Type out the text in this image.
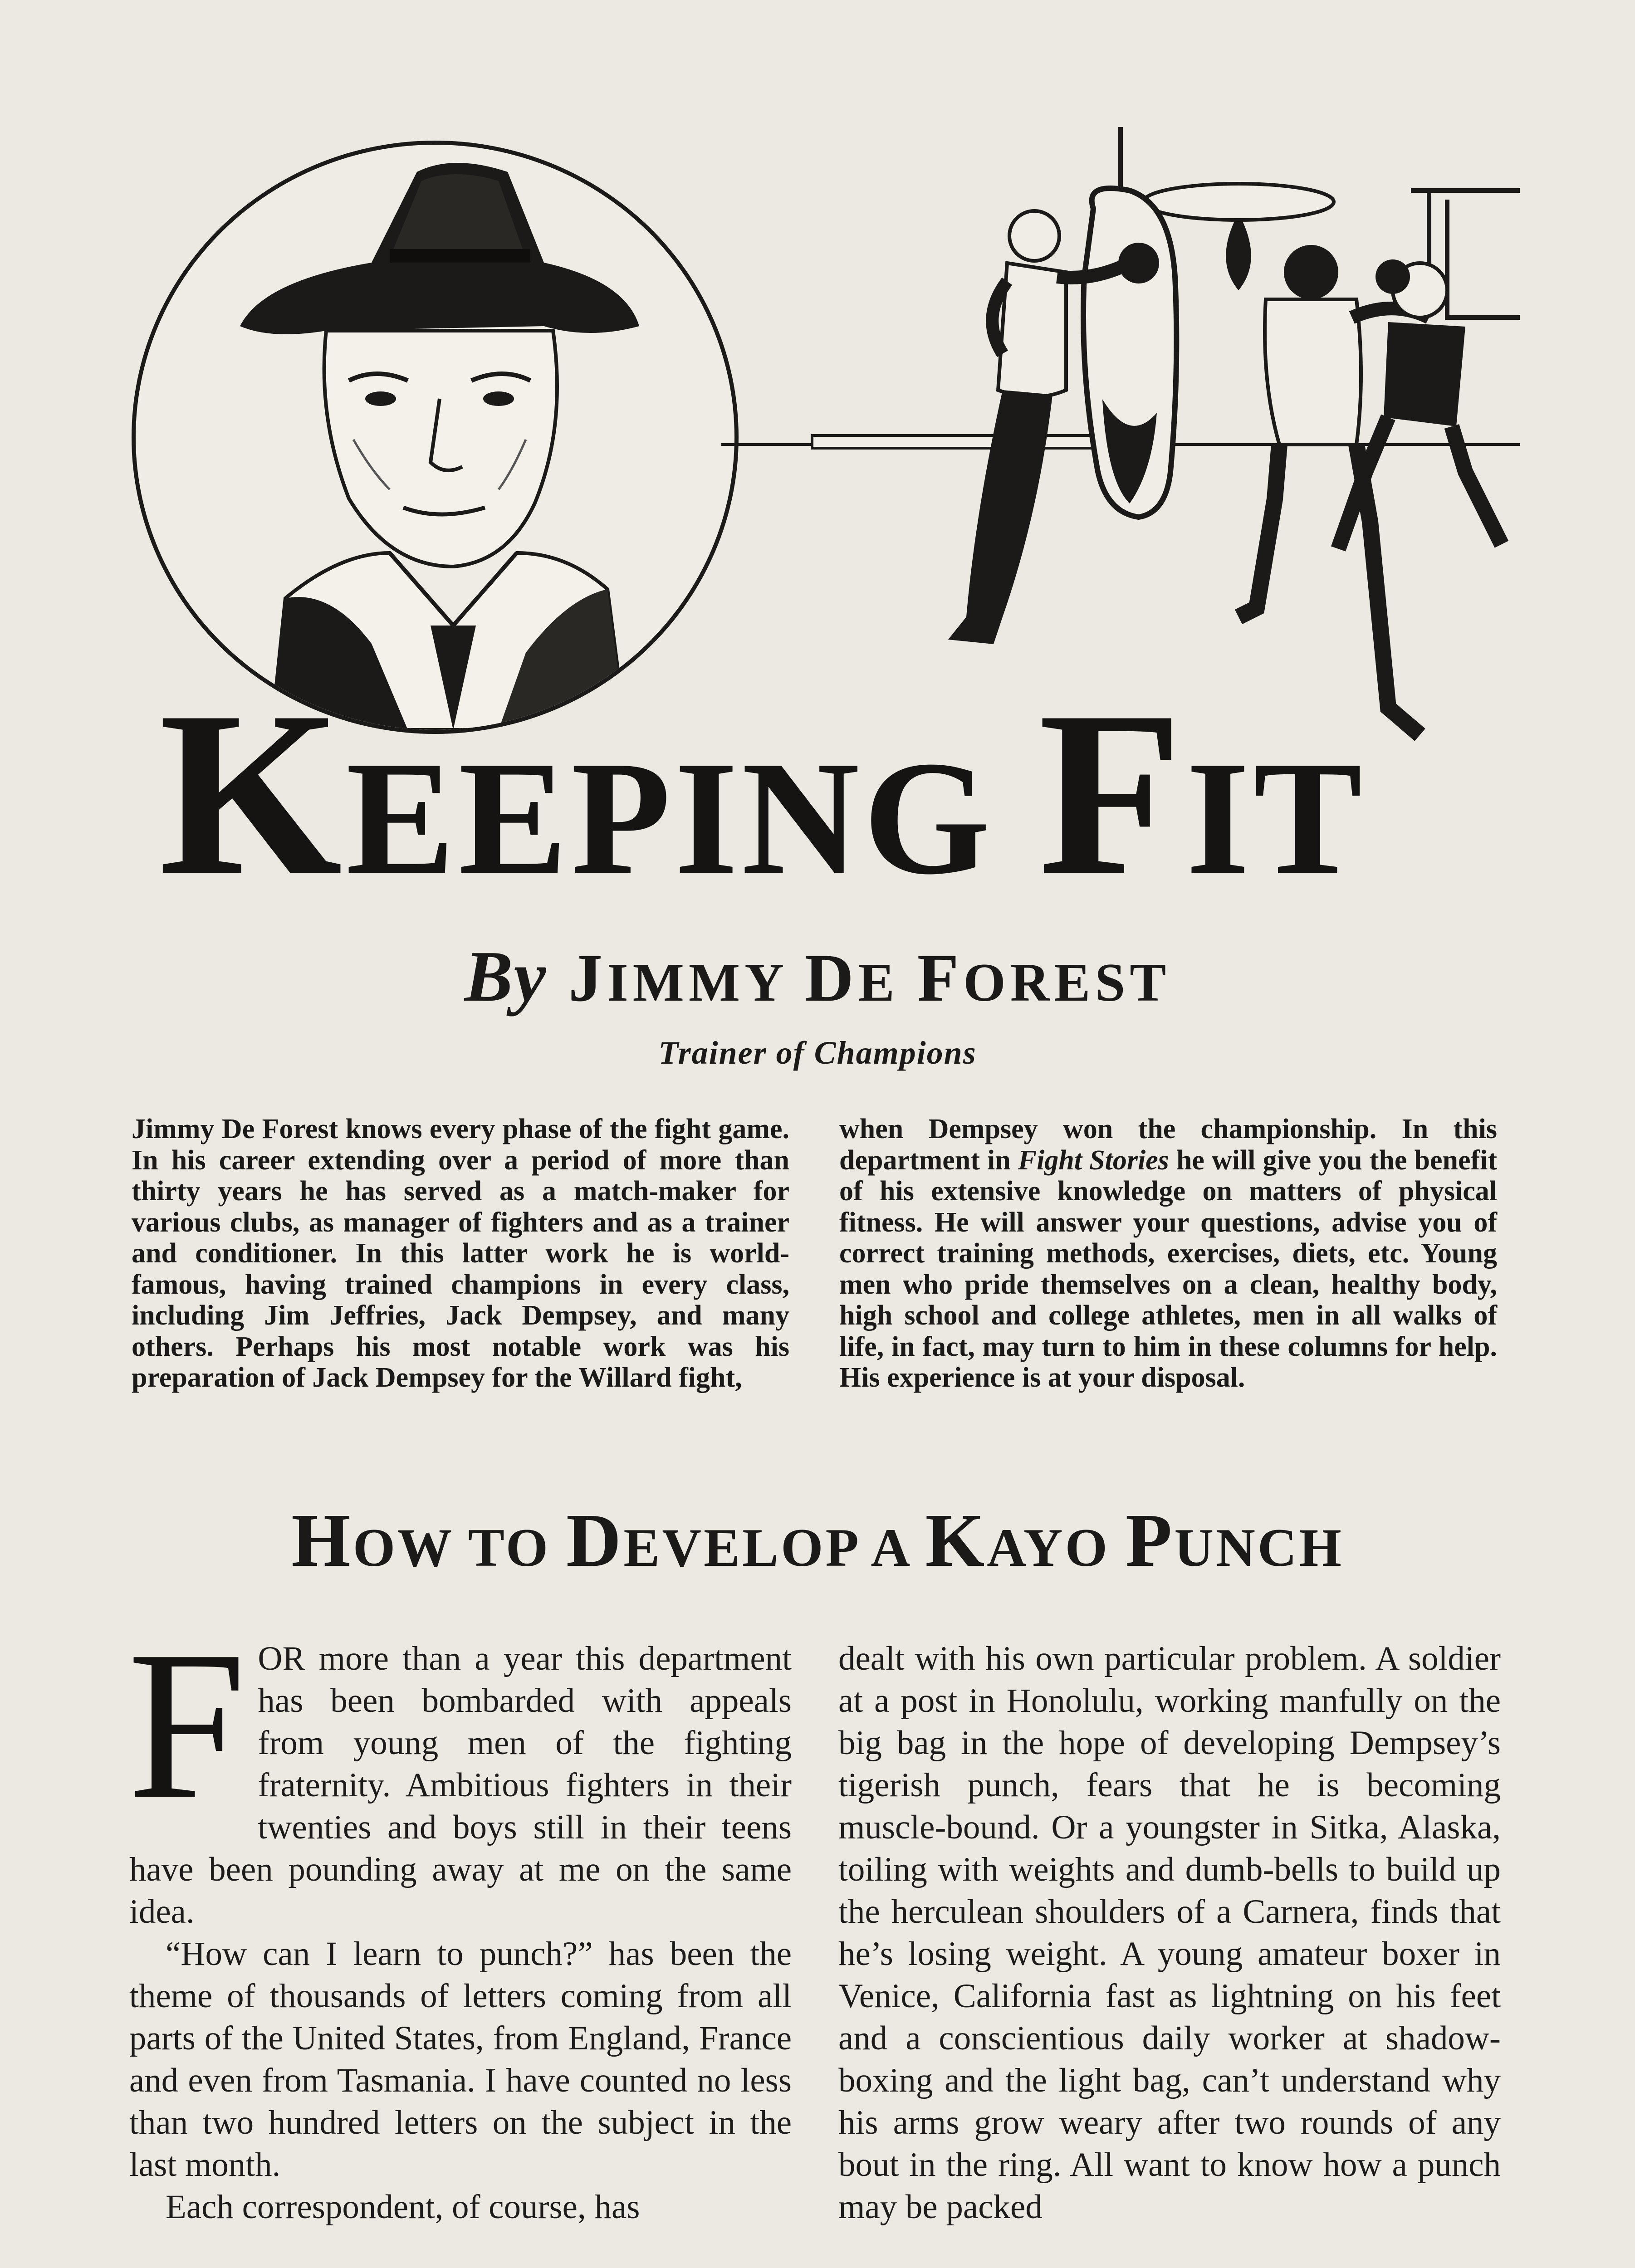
KEEPING FIT
By JIMMY DE FOREST
Trainer of Champions
Jimmy De Forest knows every phase of the fight game. In his career extending over a period of more than thirty years he has served as a match-maker for various clubs, as manager of fighters and as a trainer and conditioner. In this latter work he is world-famous, having trained champions in every class, including Jim Jeffries, Jack Dempsey, and many others. Perhaps his most notable work was his preparation of Jack Dempsey for the Willard fight,
when Dempsey won the championship. In this department in Fight Stories he will give you the benefit of his extensive knowledge on matters of physical fitness. He will answer your questions, advise you of correct training methods, exercises, diets, etc. Young men who pride themselves on a clean, healthy body, high school and college athletes, men in all walks of life, in fact, may turn to him in these columns for help. His experience is at your disposal.
HOW TO DEVELOP A KAYO PUNCH

FOR more than a year this department has been bombarded with appeals from young men of the fighting fraternity. Ambitious fighters in their twenties and boys still in their teens have been pounding away at me on the same idea.

“How can I learn to punch?” has been the theme of thousands of letters coming from all parts of the United States, from England, France and even from Tasmania. I have counted no less than two hundred letters on the subject in the last month.

Each correspondent, of course, has

dealt with his own particular problem. A soldier at a post in Honolulu, working manfully on the big bag in the hope of developing Dempsey’s tigerish punch, fears that he is becoming muscle-bound. Or a youngster in Sitka, Alaska, toiling with weights and dumb-bells to build up the herculean shoulders of a Carnera, finds that he’s losing weight. A young amateur boxer in Venice, California fast as lightning on his feet and a conscientious daily worker at shadow-boxing and the light bag, can’t understand why his arms grow weary after two rounds of any bout in the ring. All want to know how a punch may be packed
